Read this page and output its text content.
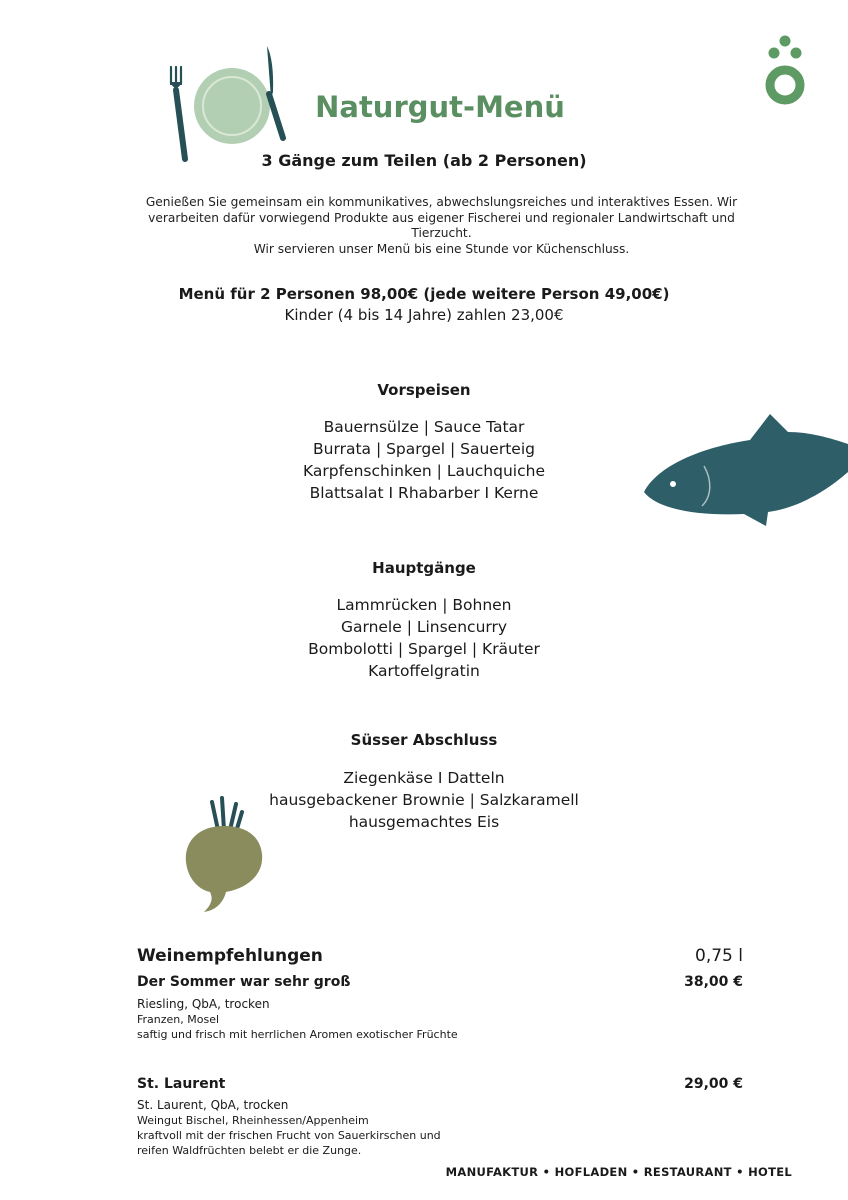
Naturgut-Menü
3 Gänge zum Teilen (ab 2 Personen)
Genießen Sie gemeinsam ein kommunikatives, abwechslungsreiches und interaktives Essen. Wir verarbeiten dafür vorwiegend Produkte aus eigener Fischerei und regionaler Landwirtschaft und Tierzucht.
Wir servieren unser Menü bis eine Stunde vor Küchenschluss.
Menü für 2 Personen 98,00€ (jede weitere Person 49,00€)
Kinder (4 bis 14 Jahre) zahlen 23,00€
Vorspeisen
Bauernsülze | Sauce Tatar
Burrata | Spargel | Sauerteig
Karpfenschinken | Lauchquiche
Blattsalat I Rhabarber I Kerne
Hauptgänge
Lammrücken | Bohnen
Garnele | Linsencurry
Bombolotti | Spargel | Kräuter
Kartoffelgratin
Süsser Abschluss
Ziegenkäse I Datteln
hausgebackener Brownie | Salzkaramell
hausgemachtes Eis
Weinempfehlungen	0,75 l
Der Sommer war sehr groß	38,00 €
Riesling, QbA, trocken
Franzen, Mosel
saftig und frisch mit herrlichen Aromen exotischer Früchte
St. Laurent	29,00 €
St. Laurent, QbA, trocken
Weingut Bischel, Rheinhessen/Appenheim
kraftvoll mit der frischen Frucht von Sauerkirschen und
reifen Waldfrüchten belebt er die Zunge.
MANUFAKTUR • HOFLADEN • RESTAURANT • HOTEL
